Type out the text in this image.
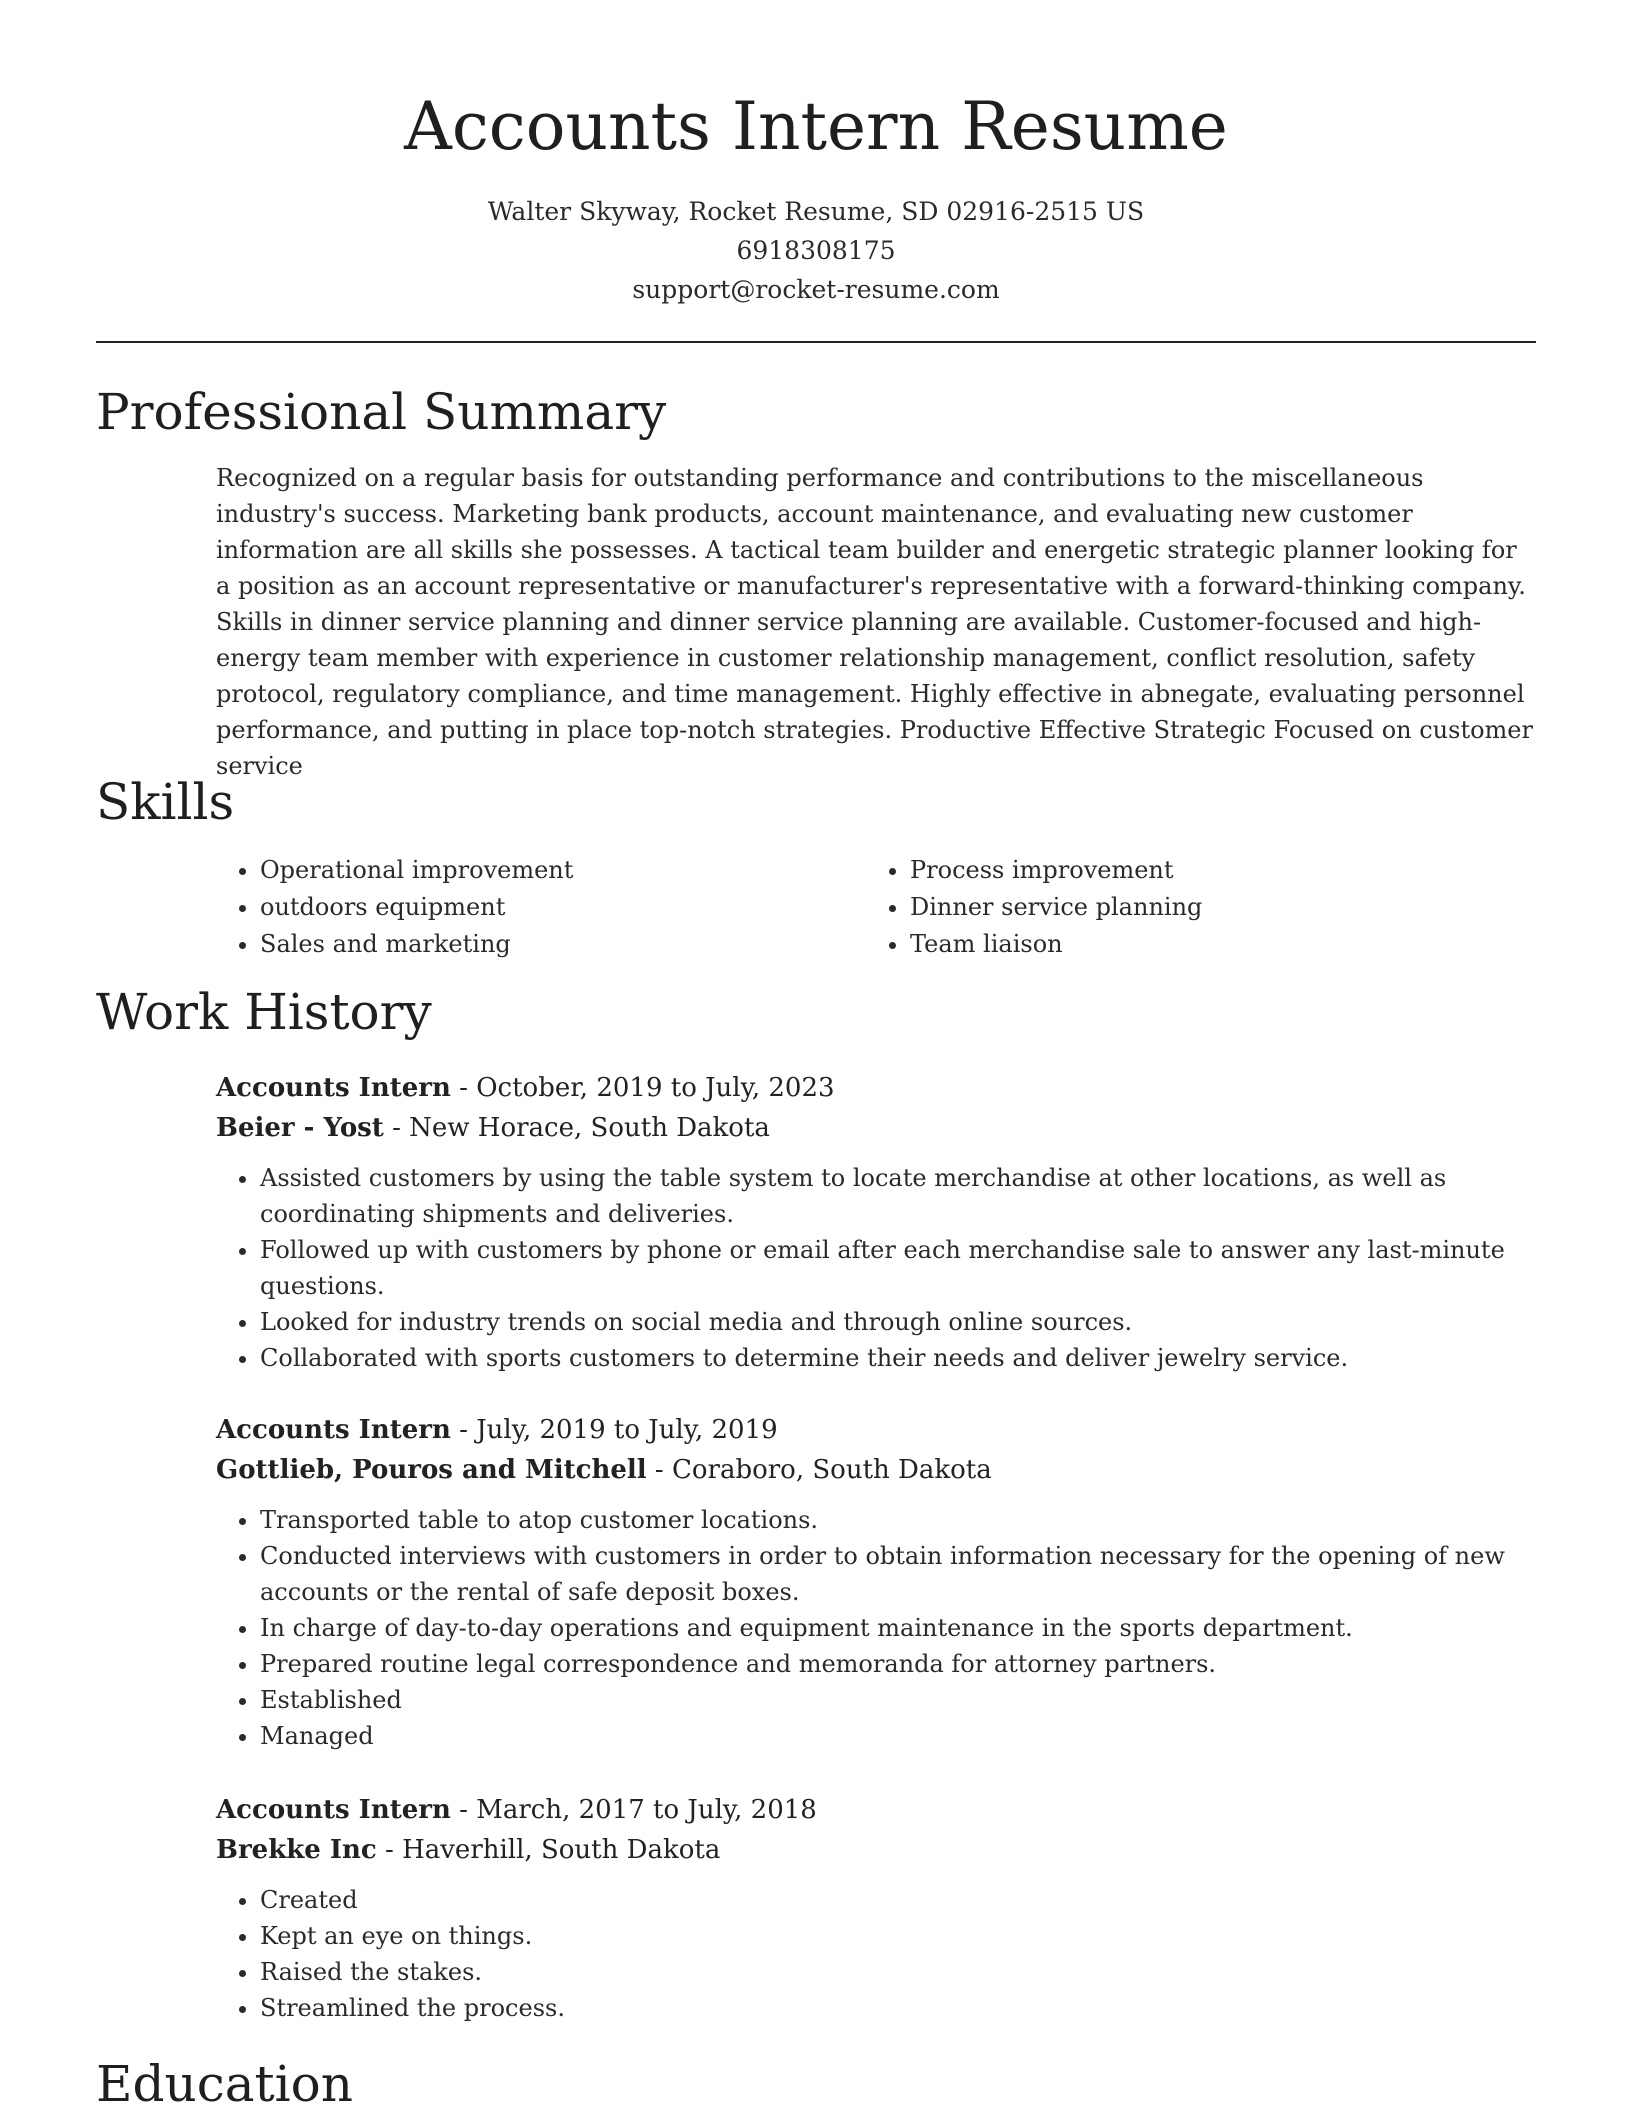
Accounts Intern Resume
Walter Skyway, Rocket Resume, SD 02916-2515 US
6918308175
support@rocket-resume.com
Professional Summary

Recognized on a regular basis for outstanding performance and contributions to the miscellaneous industry's success. Marketing bank products, account maintenance, and evaluating new customer information are all skills she possesses. A tactical team builder and energetic strategic planner looking for a position as an account representative or manufacturer's representative with a forward-thinking company. Skills in dinner service planning and dinner service planning are available. Customer-focused and high-energy team member with experience in customer relationship management, conflict resolution, safety protocol, regulatory compliance, and time management. Highly effective in abnegate, evaluating personnel performance, and putting in place top-notch strategies. Productive Effective Strategic Focused on customer service

Skills
• Operational improvement
• outdoors equipment
• Sales and marketing
• Process improvement
• Dinner service planning
• Team liaison
Work History
Accounts Intern - October, 2019 to July, 2023
Beier - Yost - New Horace, South Dakota
• Assisted customers by using the table system to locate merchandise at other locations, as well as coordinating shipments and deliveries.
• Followed up with customers by phone or email after each merchandise sale to answer any last-minute questions.
• Looked for industry trends on social media and through online sources.
• Collaborated with sports customers to determine their needs and deliver jewelry service.
Accounts Intern - July, 2019 to July, 2019
Gottlieb, Pouros and Mitchell - Coraboro, South Dakota
• Transported table to atop customer locations.
• Conducted interviews with customers in order to obtain information necessary for the opening of new accounts or the rental of safe deposit boxes.
• In charge of day-to-day operations and equipment maintenance in the sports department.
• Prepared routine legal correspondence and memoranda for attorney partners.
• Established
• Managed
Accounts Intern - March, 2017 to July, 2018
Brekke Inc - Haverhill, South Dakota
• Created
• Kept an eye on things.
• Raised the stakes.
• Streamlined the process.
Education
